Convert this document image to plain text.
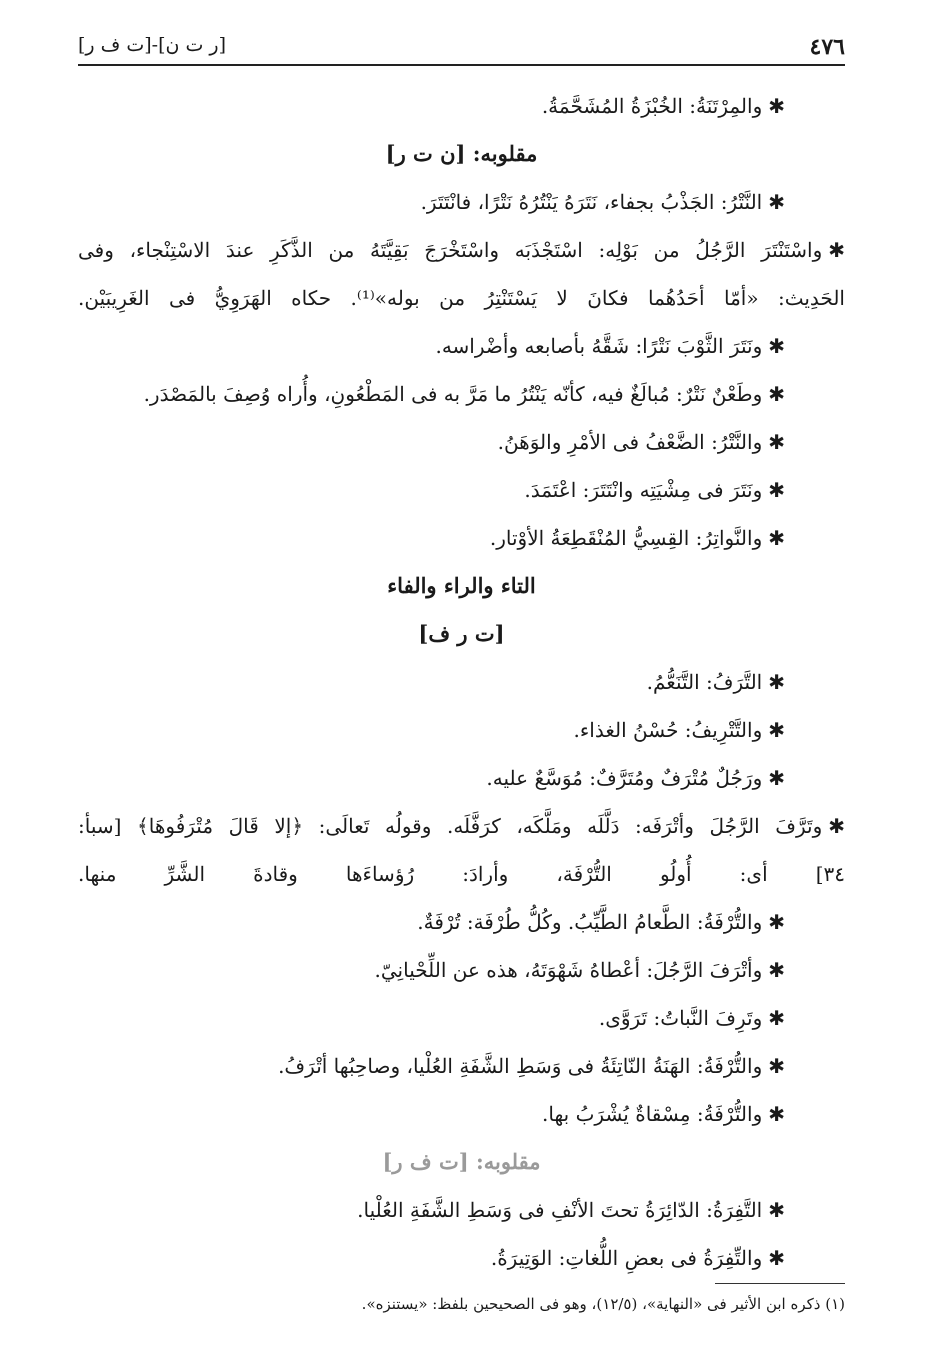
٤٧٦
[ر ت ن]-[ت ف ر]
✱والمِرْتَنَةُ: الخُبْزَةُ المُشَحَّمَةُ.
مقلوبه: [ن ت ر]
✱النَّتْرُ: الجَذْبُ بجفاء، نَتَرَهُ يَنْتُرُهُ نَتْرًا، فانْتَتَرَ.
✱واسْتَنْتَرَ الرَّجُلُ من بَوْلِه: اسْتَجْذَبَه واسْتَخْرَجَ بَقِيَّتَهُ من الذَّكَرِ عندَ الاسْتِنْجاء، وفى
الحَدِيث: «أمّا أحَدُهُما فكانَ لا يَسْتَنْتِرُ من بوله»⁽¹⁾. حكاه الهَرَوِيُّ فى الغَرِيبَيْن.
✱ونَتَرَ الثَّوْبَ نَتْرًا: شَقَّهُ بأصابعه وأضْراسه.
✱وطَعْنٌ نَتْرٌ: مُبالَغٌ فيه، كأنّه يَنْتُرُ ما مَرَّ به فى المَطْعُونِ، وأُراه وُصِفَ بالمَصْدَر.
✱والنَّتْرُ: الضَّعْفُ فى الأمْرِ والوَهَنُ.
✱ونَتَرَ فى مِشْيَتِه وانْتَتَرَ: اعْتَمَدَ.
✱والنَّواتِرُ: القِسِيُّ المُنْقَطِعَةُ الأوْتار.
التاء والراء والفاء
[ت ر ف]
✱التَّرَفُ: التَّنَعُّمُ.
✱والتَّتْرِيفُ: حُسْنُ الغذاء.
✱ورَجُلٌ مُتْرَفٌ ومُتَرَّفٌ: مُوَسَّعٌ عليه.
✱وتَرَّفَ الرَّجُلَ وأتْرَفَه: دَلَّلَه ومَلَّكَه، كرَفَّلَه. وقولُه تَعالَى: ﴿إلا قَالَ مُتْرَفُوهَا﴾ [سبأ:
٣٤] أى: أُولُو التُّرْفَة، وأرادَ: رُؤساءَها وقادةَ الشَّرِّ منها.
✱والتُّرْفَةُ: الطَّعامُ الطَّيِّبُ. وكُلُّ طُرْفَة: تُرْفَةٌ.
✱وأتْرَفَ الرَّجُلَ: أعْطاهُ شَهْوَتَهُ، هذه عن اللِّحْيانِيّ.
✱وتَرِفَ النَّباتُ: تَرَوَّى.
✱والتُّرْفَةُ: الهَنَةُ النّاتِئَةُ فى وَسَطِ الشَّفَةِ العُلْيا، وصاحِبُها أتْرَفُ.
✱والتُّرْفَةُ: مِسْقاةٌ يُشْرَبُ بها.
مقلوبه: [ت ف ر]
✱التَّفِرَةُ: الدّائِرَةُ تحتَ الأنْفِ فى وَسَطِ الشَّفَةِ العُلْيا.
✱والتِّفِرَةُ فى بعضِ اللُّغاتِ: الوَتِيرَةُ.
(١) ذكره ابن الأثير فى «النهاية»، (١٢/٥)، وهو فى الصحيحين بلفظ: «يستنزه».
